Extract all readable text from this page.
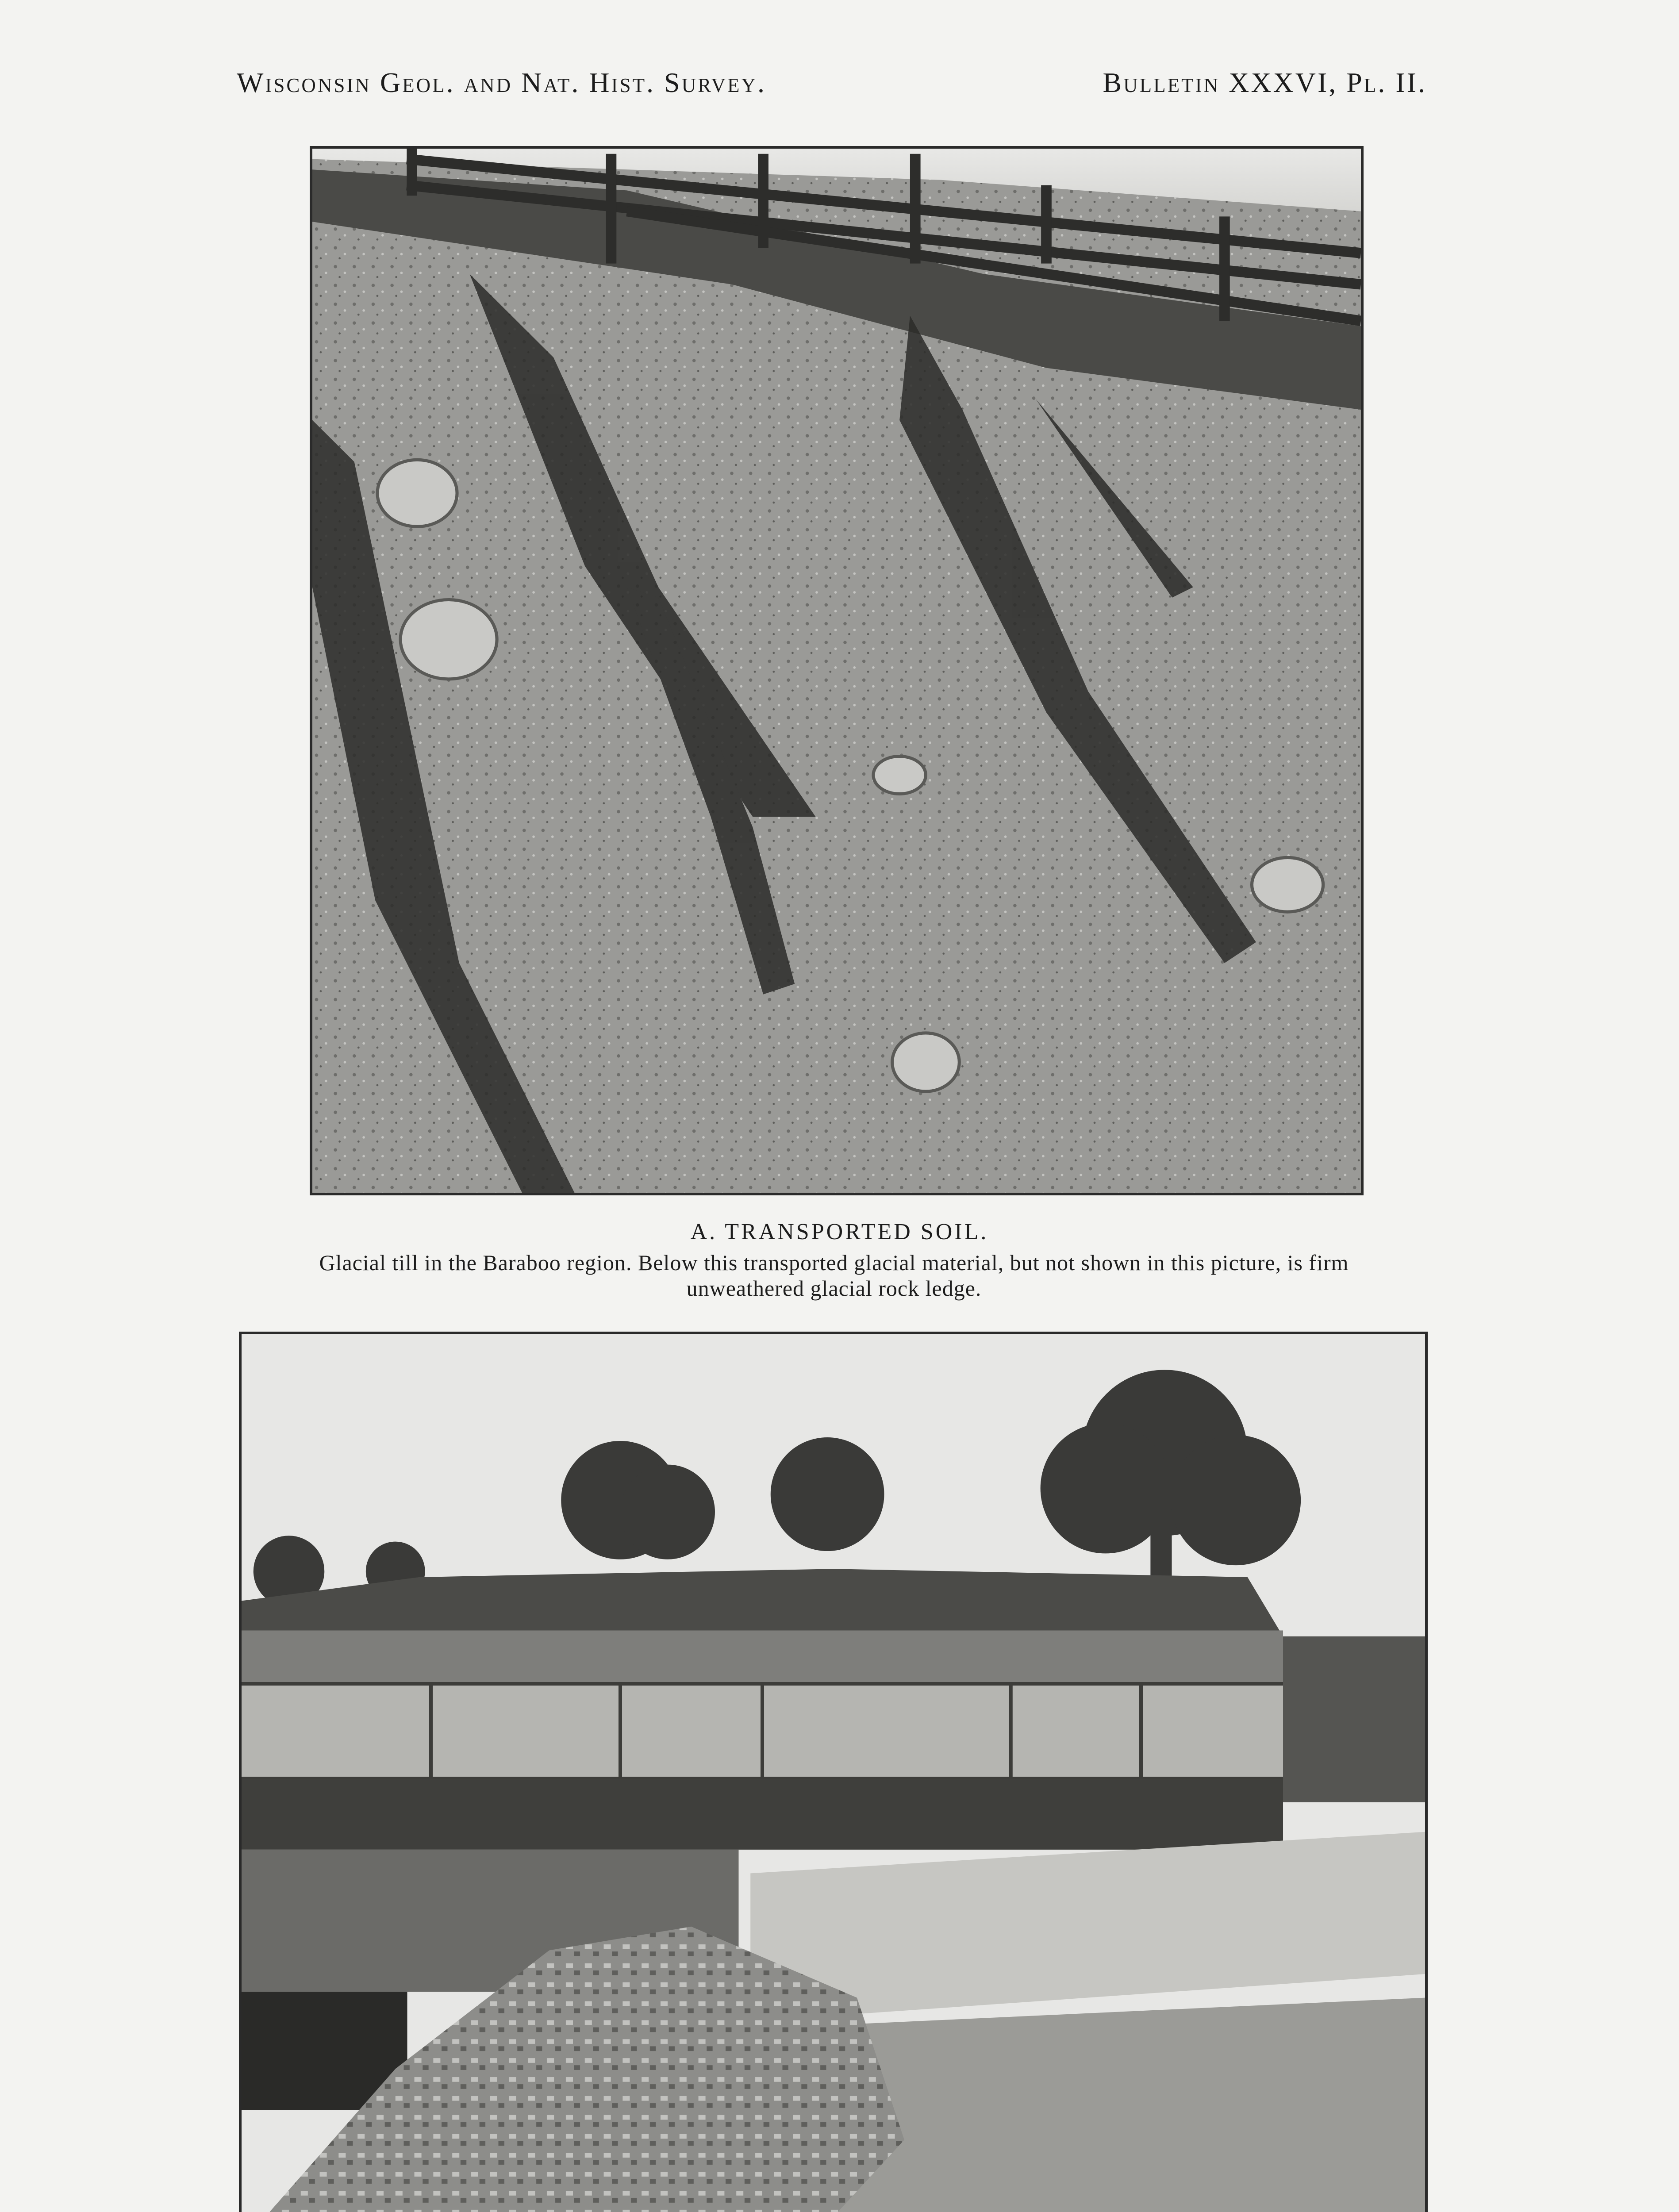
Wisconsin Geol. and Nat. Hist. Survey.	Bulletin XXXVI, Pl. II.
A. TRANSPORTED SOIL.
Glacial till in the Baraboo region. Below this transported glacial material, but not shown in this picture, is firm unweathered glacial rock ledge.
